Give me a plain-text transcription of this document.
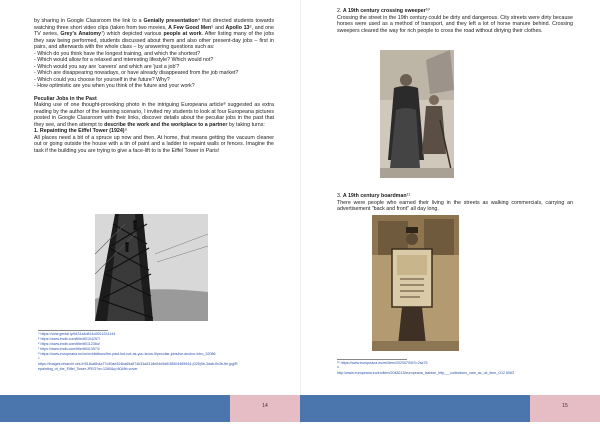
by sharing in Google Classroom the link to a Genially presentation⁴ that directed students towards watching three short video clips (taken from two movies, A Few Good Men⁵ and Apollo 13⁶, and one TV series, Grey's Anatomy⁷) which depicted various people at work. After listing many of the jobs they saw being performed, students discussed about them and also other present-day jobs – first in pairs, and afterwards with the whole class – by answering questions such as:

- Which do you think have the longest training, and which the shortest?

- Which would allow for a relaxed and interesting lifestyle? Which would not?

- Which would you say are 'careers' and which are 'just a job'?

- Which are disappearing nowadays, or have already disappeared from the job market?

- Which could you choose for yourself in the future? Why?

- How optimistic are you when you think of the future and your work?

Peculiar Jobs in the Past

Making use of one thought-provoking photo in the intriguing Europeana article⁸ suggested as extra reading by the author of the learning scenario, I invited my students to look at four Europeana pictures posted in Google Classroom with their links, discover details about the peculiar jobs in the past that they see, and then attempt to describe the work and the workplace to a partner by taking turns:

1. Repainting the Eiffel Tower (1924)⁹

All places need a bit of a spruce up now and then. At home, that means getting the vacuum cleaner out or going outside the house with a tin of paint and a ladder to repaint walls or fences. Imagine the task if the building you are trying to give a face-lift to is the Eiffel Tower in Paris!

⁴ https://view.genial.ly/6431a4d814c0001224144
⁵ https://www.imdb.com/title/tt0104257/
⁶ https://www.imdb.com/title/tt0112384/
⁷ https://www.imdb.com/title/tt0413573/
⁸ https://www.europeana.eu/en/exhibitions/the-past-but-not-as-you-know-it/peculiar-jobs#ve-anchor-intro_52086
⁹
https://images.nfsarchi.ves.fr/518ca6b4a77c50ae304ba65a874b33a5318e54e5d6/38504465944-(028)5b-3dab-fin3b-ffe.jpg/Repainting_of_the_Eiffel_Tower.JPEG?w=1280&q=80&fit=cover

2. A 19th century crossing sweeper¹⁰

Crossing the street in the 19th century could be dirty and dangerous. City streets were dirty because horses were used as a method of transport, and they left a lot of horse manure behind. Crossing sweepers cleared the way for rich people to cross the road without dirtying their clothes.

3. A 19th century boardman¹¹

There were people who earned their living in the streets as walking commercials, carrying an advertisement "back and front" all day long.

¹⁰ https://www.europeana.eu/en/item/2020570/KS=2sk75
¹¹
http://www.europeana.eu/en/item/2048213/europeana_fashion_http___collections_vam_ac_uk_item_O12 6063
14	15
